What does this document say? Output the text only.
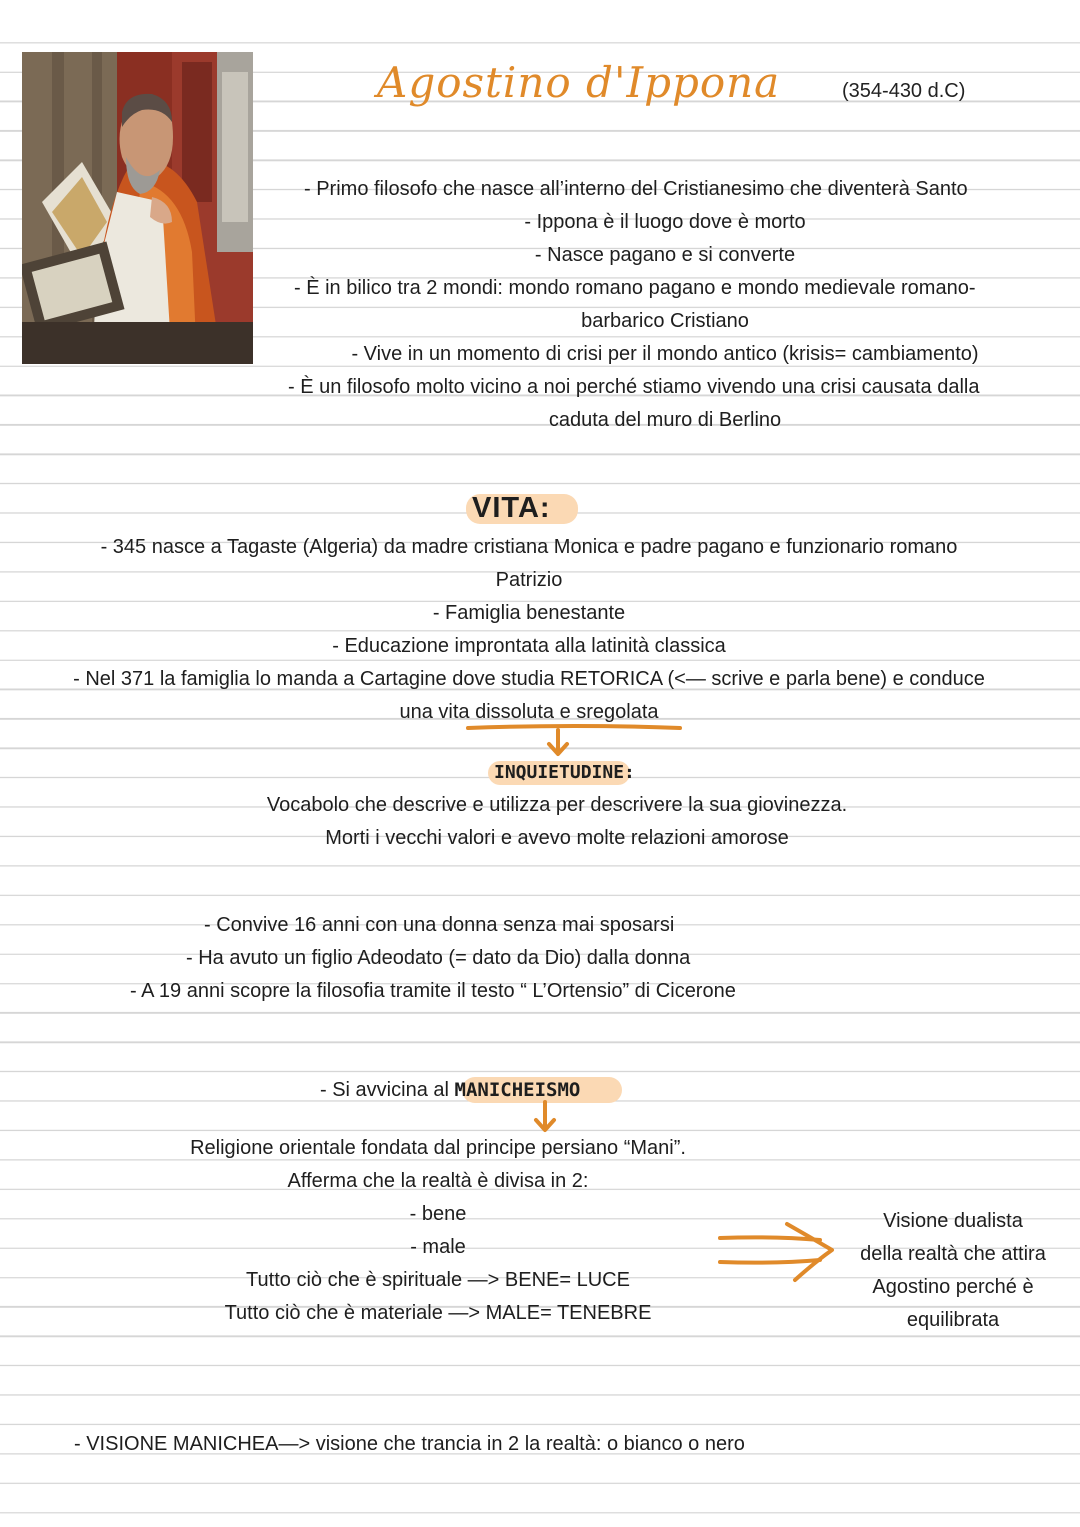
Agostino d'Ippona	(354-430 d.C)
- Primo filosofo che nasce all’interno del Cristianesimo che diventerà Santo
- Ippona è il luogo dove è morto
- Nasce pagano e si converte
- È in bilico tra 2 mondi: mondo romano pagano e mondo medievale romano-
barbarico Cristiano
- Vive in un momento di crisi per il mondo antico (krisis= cambiamento)
- È un filosofo molto vicino a noi perché stiamo vivendo una crisi causata dalla
caduta del muro di Berlino
VITA:
- 345 nasce a Tagaste (Algeria) da madre cristiana Monica e padre pagano e funzionario romano
Patrizio
- Famiglia benestante
- Educazione improntata alla latinità classica
- Nel 371 la famiglia lo manda a Cartagine dove studia RETORICA (<— scrive e parla bene) e conduce
una vita dissoluta e sregolata
INQUIETUDINE:
Vocabolo che descrive e utilizza per descrivere la sua giovinezza.
Morti i vecchi valori e avevo molte relazioni amorose
- Convive 16 anni con una donna senza mai sposarsi
- Ha avuto un figlio Adeodato (= dato da Dio) dalla donna
- A 19 anni scopre la filosofia tramite il testo “ L’Ortensio” di Cicerone
- Si avvicina al MANICHEISMO
Religione orientale fondata dal principe persiano “Mani”.
Afferma che la realtà è divisa in 2:
- bene
- male
Tutto ciò che è spirituale —> BENE= LUCE
Tutto ciò che è materiale —> MALE= TENEBRE
Visione dualista
della realtà che attira
Agostino perché è
equilibrata
- VISIONE MANICHEA—> visione che trancia in 2 la realtà: o bianco o nero
